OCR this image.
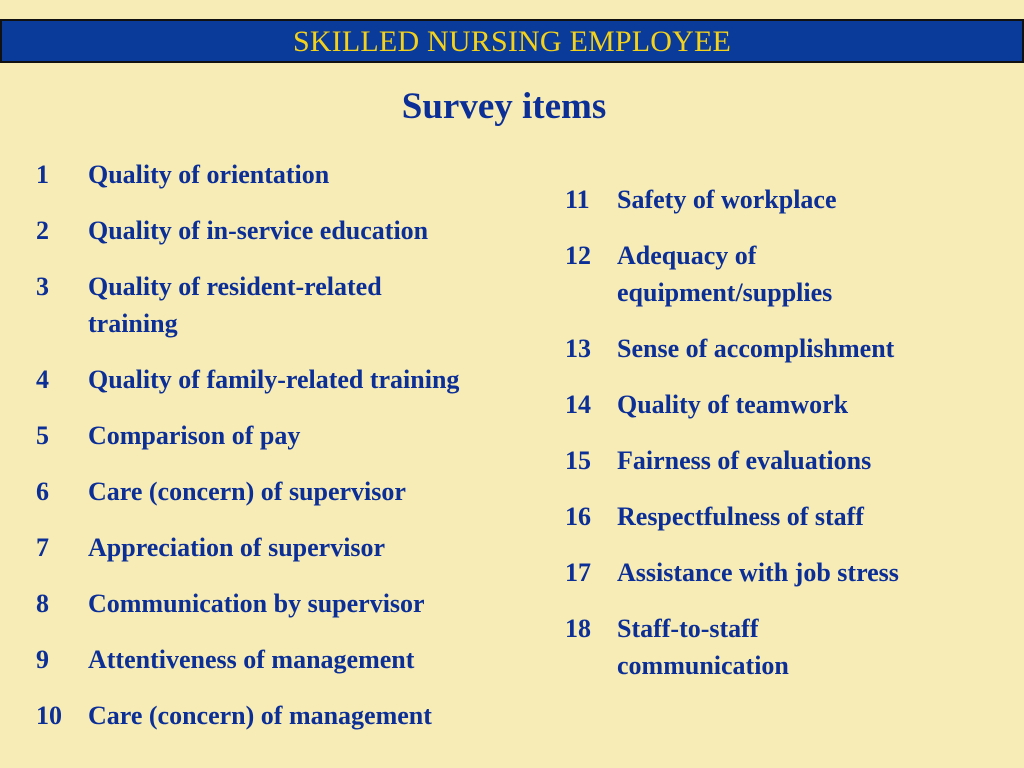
SKILLED NURSING EMPLOYEE
Survey items
1	Quality of orientation
2	Quality of in-service education
3	Quality of resident-related training
4	Quality of family-related training
5	Comparison of pay
6	Care (concern) of supervisor
7	Appreciation of supervisor
8	Communication by supervisor
9	Attentiveness of management
10	Care (concern) of management
11	Safety of workplace
12	Adequacy of equipment/supplies
13	Sense of accomplishment
14	Quality of teamwork
15	Fairness of evaluations
16	Respectfulness of staff
17	Assistance with job stress
18	Staff-to-staff communication
